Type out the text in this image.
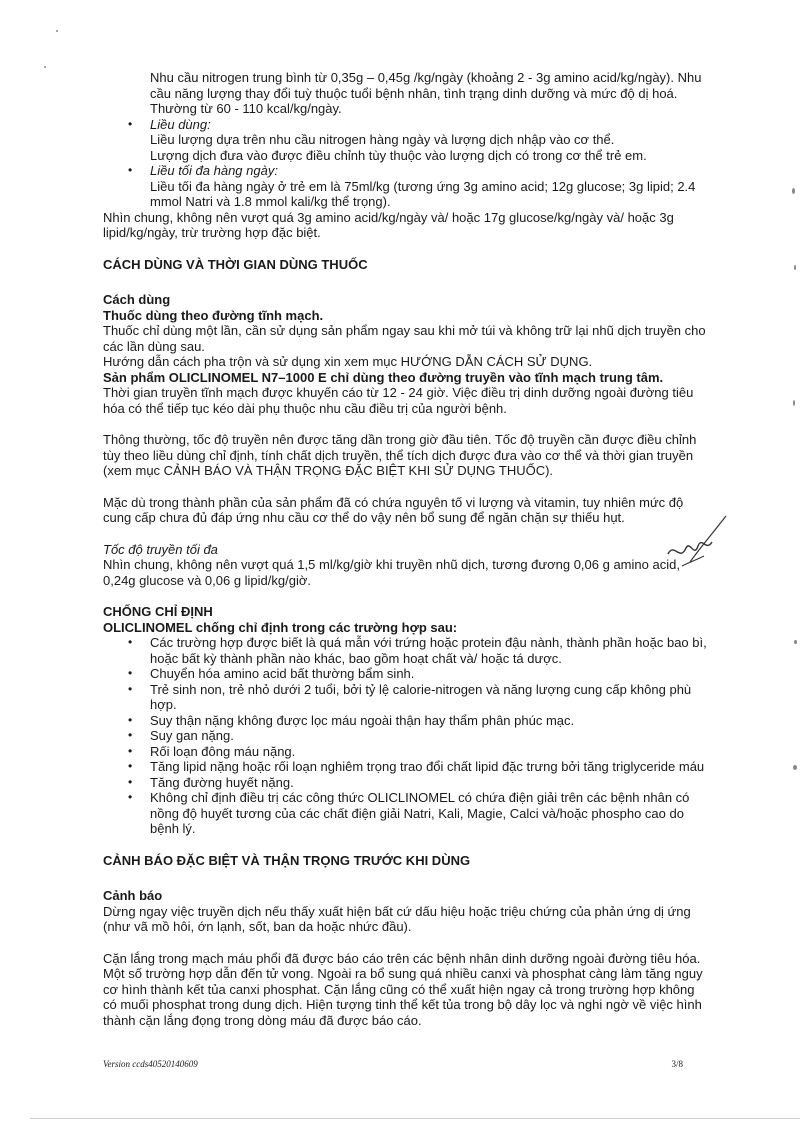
Nhu cầu nitrogen trung bình từ 0,35g – 0,45g /kg/ngày (khoảng 2 - 3g amino acid/kg/ngày). Nhu

cầu năng lượng thay đổi tuỳ thuộc tuổi bệnh nhân, tình trạng dinh dưỡng và mức độ dị hoá.

Thường từ 60 - 110 kcal/kg/ngày.

• Liều dùng:

Liều lượng dựa trên nhu cầu nitrogen hàng ngày và lượng dịch nhập vào cơ thể.

Lượng dịch đưa vào được điều chỉnh tùy thuộc vào lượng dịch có trong cơ thể trẻ em.

• Liều tối đa hàng ngày:

Liều tối đa hàng ngày ở trẻ em là 75ml/kg (tương ứng 3g amino acid; 12g glucose; 3g lipid; 2.4

mmol Natri và 1.8 mmol kali/kg thể trọng).

Nhìn chung, không nên vượt quá 3g amino acid/kg/ngày và/ hoặc 17g glucose/kg/ngày và/ hoặc 3g

lipid/kg/ngày, trừ trường hợp đặc biệt.

CÁCH DÙNG VÀ THỜI GIAN DÙNG THUỐC

Cách dùng

Thuốc dùng theo đường tĩnh mạch.

Thuốc chỉ dùng một lần, cần sử dụng sản phẩm ngay sau khi mở túi và không trữ lại nhũ dịch truyền cho

các lần dùng sau.

Hướng dẫn cách pha trộn và sử dụng xin xem mục HƯỚNG DẪN CÁCH SỬ DỤNG.

Sản phẩm OLICLINOMEL N7–1000 E chỉ dùng theo đường truyền vào tĩnh mạch trung tâm.

Thời gian truyền tĩnh mạch được khuyến cáo từ 12 - 24 giờ. Việc điều trị dinh dưỡng ngoài đường tiêu

hóa có thể tiếp tục kéo dài phụ thuộc nhu cầu điều trị của người bệnh.

Thông thường, tốc độ truyền nên được tăng dần trong giờ đầu tiên. Tốc độ truyền cần được điều chỉnh

tùy theo liều dùng chỉ định, tính chất dịch truyền, thể tích dịch được đưa vào cơ thể và thời gian truyền

(xem mục CẢNH BÁO VÀ THẬN TRỌNG ĐẶC BIỆT KHI SỬ DỤNG THUỐC).

Mặc dù trong thành phần của sản phẩm đã có chứa nguyên tố vi lượng và vitamin, tuy nhiên mức độ

cung cấp chưa đủ đáp ứng nhu cầu cơ thể do vậy nên bổ sung để ngăn chặn sự thiếu hụt.

Tốc độ truyền tối đa

Nhìn chung, không nên vượt quá 1,5 ml/kg/giờ khi truyền nhũ dịch, tương đương 0,06 g amino acid,

0,24g glucose và 0,06 g lipid/kg/giờ.

CHỐNG CHỈ ĐỊNH

OLICLINOMEL chống chỉ định trong các trường hợp sau:

• Các trường hợp được biết là quá mẫn với trứng hoặc protein đậu nành, thành phần hoặc bao bì,

hoặc bất kỳ thành phần nào khác, bao gồm hoạt chất và/ hoặc tá dược.

• Chuyển hóa amino acid bất thường bẩm sinh.

• Trẻ sinh non, trẻ nhỏ dưới 2 tuổi, bởi tỷ lệ calorie-nitrogen và năng lượng cung cấp không phù

hợp.

• Suy thận nặng không được lọc máu ngoài thận hay thẩm phân phúc mạc.

• Suy gan nặng.

• Rối loạn đông máu nặng.

• Tăng lipid nặng hoặc rối loạn nghiêm trọng trao đổi chất lipid đặc trưng bởi tăng triglyceride máu

• Tăng đường huyết nặng.

• Không chỉ định điều trị các công thức OLICLINOMEL có chứa điện giải trên các bệnh nhân có

nồng độ huyết tương của các chất điện giải Natri, Kali, Magie, Calci và/hoặc phospho cao do

bệnh lý.

CẢNH BÁO ĐẶC BIỆT VÀ THẬN TRỌNG TRƯỚC KHI DÙNG

Cảnh báo

Dừng ngay việc truyền dịch nếu thấy xuất hiện bất cứ dấu hiệu hoặc triệu chứng của phản ứng dị ứng

(như vã mồ hôi, ớn lạnh, sốt, ban da hoặc nhức đầu).

Cặn lắng trong mạch máu phổi đã được báo cáo trên các bệnh nhân dinh dưỡng ngoài đường tiêu hóa.

Một số trường hợp dẫn đến tử vong. Ngoài ra bổ sung quá nhiều canxi và phosphat càng làm tăng nguy

cơ hình thành kết tủa canxi phosphat. Cặn lắng cũng có thể xuất hiện ngay cả trong trường hợp không

có muối phosphat trong dung dịch. Hiện tượng tinh thể kết tủa trong bộ dây lọc và nghi ngờ về việc hình

thành cặn lắng đọng trong dòng máu đã được báo cáo.

Version ccds40520140609	3/8
